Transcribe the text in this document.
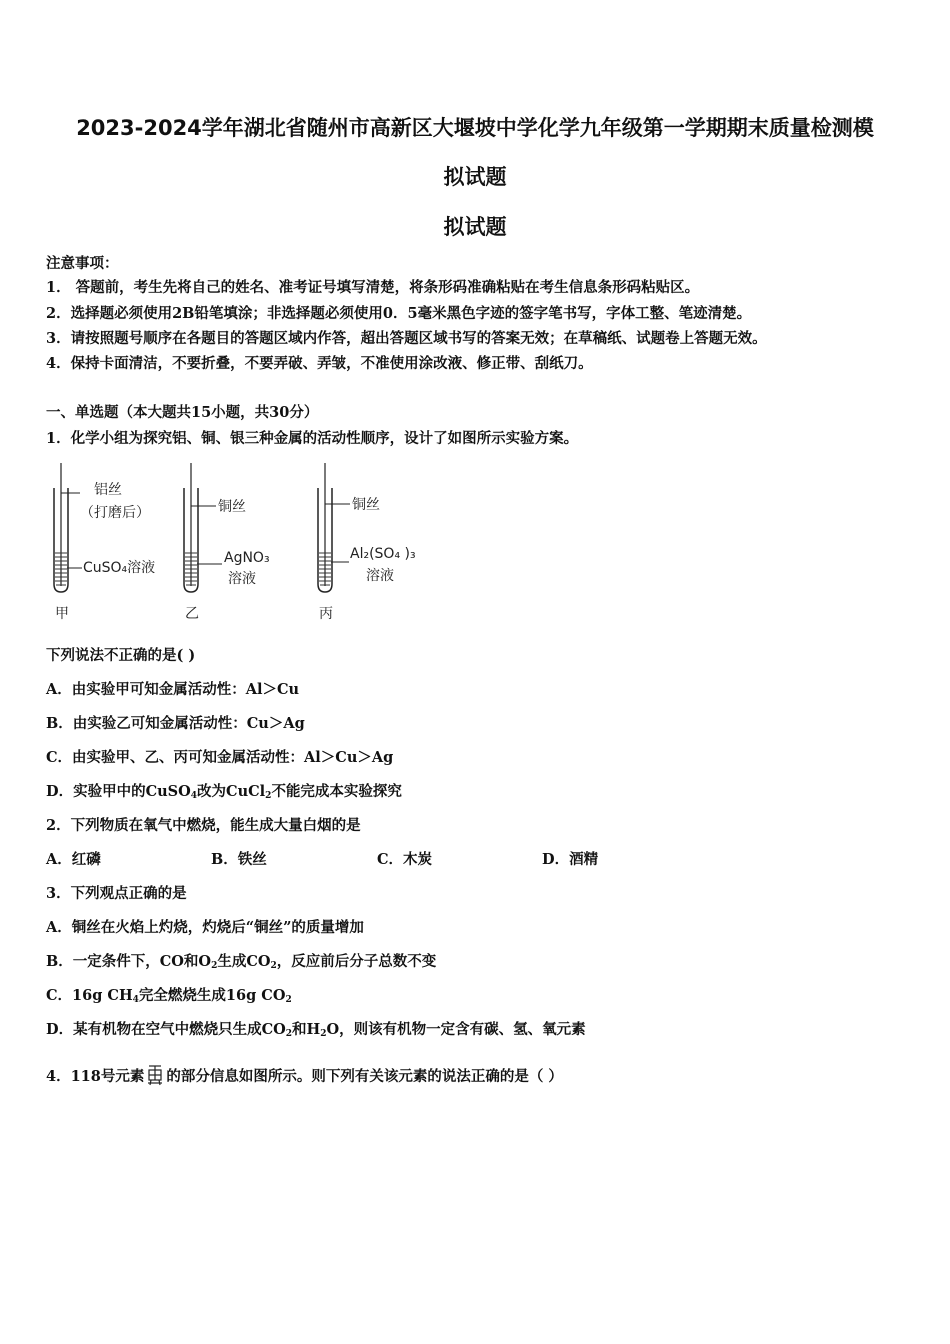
2023-2024学年湖北省随州市高新区大堰坡中学化学九年级第一学期期末质量检测模
拟试题
拟试题
注意事项：
1． 答题前，考生先将自己的姓名、准考证号填写清楚，将条形码准确粘贴在考生信息条形码粘贴区。
2．选择题必须使用2B铅笔填涂；非选择题必须使用0．5毫米黑色字迹的签字笔书写，字体工整、笔迹清楚。
3．请按照题号顺序在各题目的答题区域内作答，超出答题区域书写的答案无效；在草稿纸、试题卷上答题无效。
4．保持卡面清洁，不要折叠，不要弄破、弄皱，不准使用涂改液、修正带、刮纸刀。
一、单选题（本大题共15小题，共30分）
1．化学小组为探究铝、铜、银三种金属的活动性顺序，设计了如图所示实验方案。
铝丝
（打磨后）
CuSO₄溶液
甲
铜丝
AgNO₃
溶液
乙
铜丝
Al₂(SO₄ )₃
溶液
丙
下列说法不正确的是( )
A．由实验甲可知金属活动性：Al＞Cu
B．由实验乙可知金属活动性：Cu＞Ag
C．由实验甲、乙、丙可知金属活动性：Al＞Cu＞Ag
D．实验甲中的CuSO$_4$改为CuCl$_2$不能完成本实验探究
2．下列物质在氧气中燃烧，能生成大量白烟的是
A．红磷	B．铁丝	C．木炭	D．酒精
3．下列观点正确的是
A．铜丝在火焰上灼烧，灼烧后“铜丝”的质量增加
B．一定条件下，CO和$O_2$生成$CO_2$，反应前后分子总数不变
C．16g $CH_4$完全燃烧生成16g $CO_2$
D．某有机物在空气中燃烧只生成$CO_2$和$H_2O$，则该有机物一定含有碳、氢、氧元素
4．118号元素 的部分信息如图所示。则下列有关该元素的说法正确的是（ ）
